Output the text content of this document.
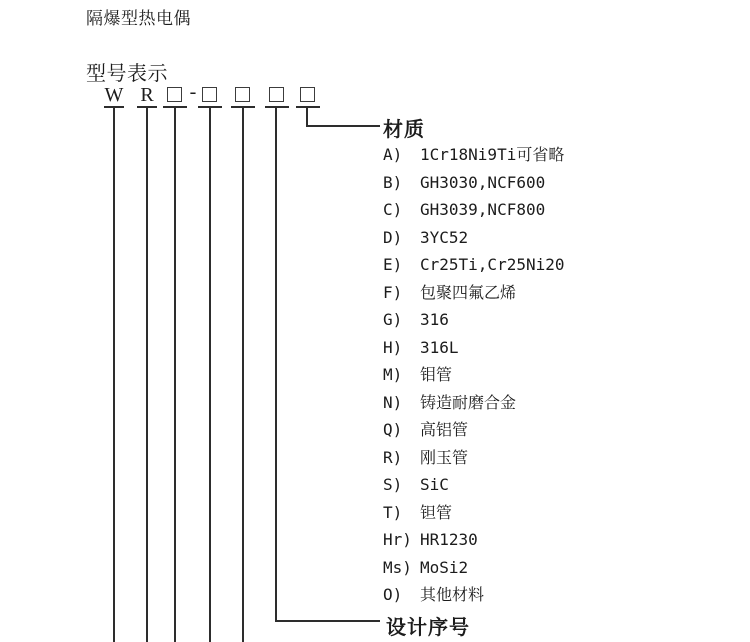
隔爆型热电偶
型号表示
W R -
材质
A)	1Cr18Ni9Ti可省略
B)	GH3030,NCF600
C)	GH3039,NCF800
D)	3YC52
E)	Cr25Ti,Cr25Ni20
F)	包聚四氟乙烯
G)	316
H)	316L
M)	钼管
N)	铸造耐磨合金
Q)	高铝管
R)	刚玉管
S)	SiC
T)	钽管
Hr) HR1230
Ms) MoSi2
O)	其他材料
设计序号
